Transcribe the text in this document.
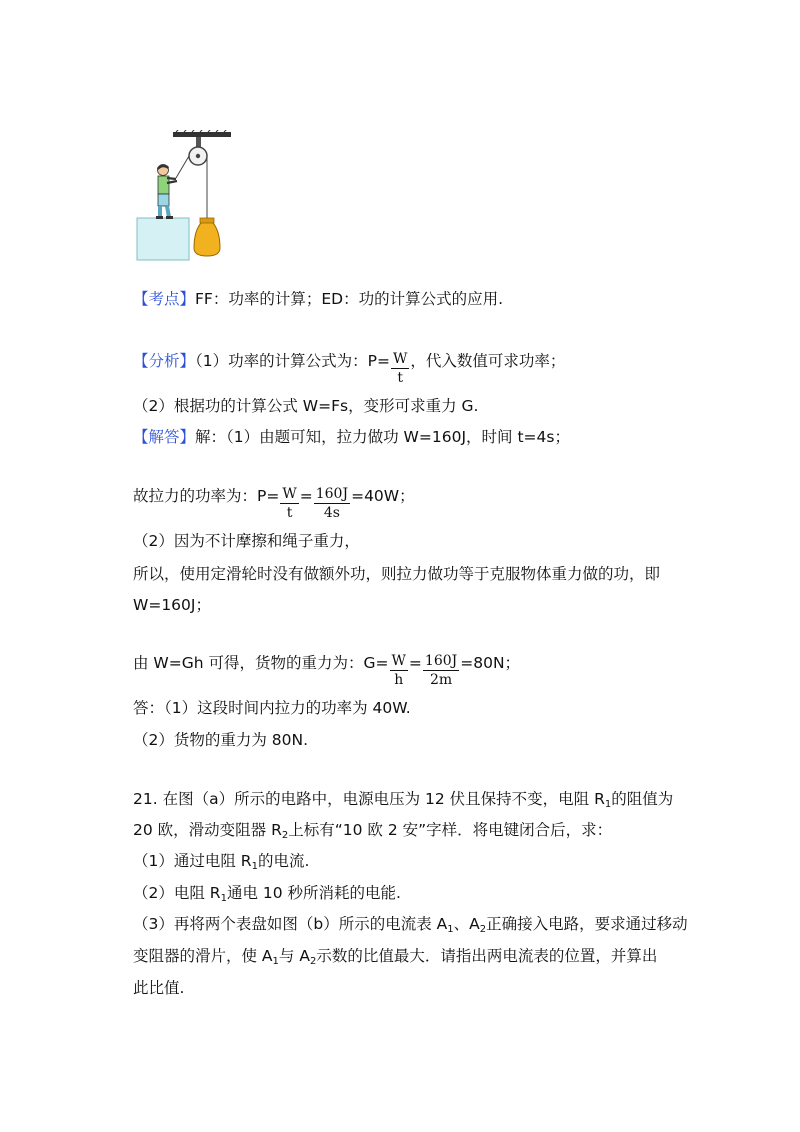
【考点】FF：功率的计算；ED：功的计算公式的应用.
【分析】（1）功率的计算公式为：$P= \frac{W}{t}$ ，代入数值可求功率；
（2）根据功的计算公式 W=Fs，变形可求重力 G.
【解答】解：（1）由题可知，拉力做功 W=160J，时间 t=4s；
故拉力的功率为：$P= \frac{W}{t} = \frac{160J}{4s} =40W$；
（2）因为不计摩擦和绳子重力，
所以，使用定滑轮时没有做额外功，则拉力做功等于克服物体重力做的功，即
W=160J；
由 W=Gh 可得，货物的重力为：$G= \frac{W}{h} = \frac{160J}{2m} =80N$；
答：（1）这段时间内拉力的功率为 40W.
（2）货物的重力为 80N.
21. 在图（a）所示的电路中，电源电压为 12 伏且保持不变，电阻 $R_1$的阻值为
20 欧，滑动变阻器 $R_2$上标有“10 欧 2 安”字样．将电键闭合后，求：
（1）通过电阻 $R_1$的电流.
（2）电阻 $R_1$通电 10 秒所消耗的电能.
（3）再将两个表盘如图（b）所示的电流表 $A_1$、$A_2$正确接入电路，要求通过移动
变阻器的滑片，使 $A_1$与 $A_2$示数的比值最大．请指出两电流表的位置，并算出
此比值.
